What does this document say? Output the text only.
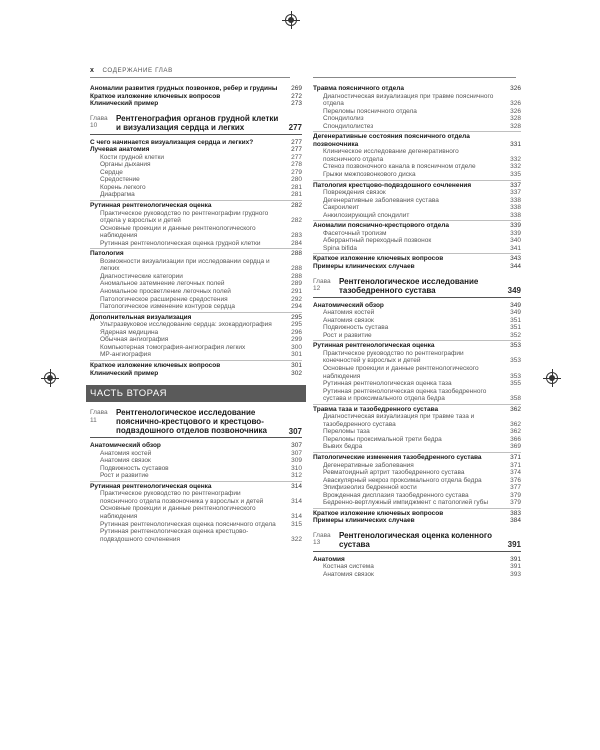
x СОДЕРЖАНИЕ ГЛАВ
Аномалии развития грудных позвонков, ребер и грудины	269
Краткое изложение ключевых вопросов	272
Клинический пример	273
Глава 10
Рентгенография органов грудной клетки и визуализация сердца и легких	277
С чего начинается визуализация сердца и легких?	277
Лучевая анатомия	277
Кости грудной клетки	277
Органы дыхания	278
Сердце	279
Средостение	280
Корень легкого	281
Диафрагма	281
Рутинная рентгенологическая оценка	282
Практическое руководство по рентгенографии грудного отдела у взрослых и детей	282
Основные проекции и данные рентгенологического наблюдения	283
Рутинная рентгенологическая оценка грудной клетки	284
Патология	288
Возможности визуализации при исследовании сердца и легких	288
Диагностические категории	288
Аномальное затемнение легочных полей	289
Аномальное просветление легочных полей	291
Патологическое расширение средостения	292
Патологическое изменение контуров сердца	294
Дополнительная визуализация	295
Ультразвуковое исследование сердца: эхокардиография	295
Ядерная медицина	296
Обычная ангиография	299
Компьютерная томография-ангиография легких	300
МР-ангиография	301
Краткое изложение ключевых вопросов	301
Клинический пример	302
ЧАСТЬ ВТОРАЯ
Глава 11
Рентгенологическое исследование пояснично-крестцового и крестцово-подвздошного отделов позвоночника	307
Анатомический обзор	307
Анатомия костей	307
Анатомия связок	309
Подвижность суставов	310
Рост и развитие	312
Рутинная рентгенологическая оценка	314
Практическое руководство по рентгенографии поясничного отдела позвоночника у взрослых и детей	314
Основные проекции и данные рентгенологического наблюдения	314
Рутинная рентгенологическая оценка поясничного отдела	315
Рутинная рентгенологическая оценка крестцово-подвздошного сочленения	322
Травма поясничного отдела	326
Диагностическая визуализация при травме поясничного отдела	326
Переломы поясничного отдела	326
Спондилолиз	328
Спондилолистез	328
Дегенеративные состояния поясничного отдела позвоночника	331
Клиническое исследование дегенеративного поясничного отдела	332
Стеноз позвоночного канала в поясничном отделе	332
Грыжи межпозвонкового диска	335
Патология крестцово-подвздошного сочленения	337
Повреждения связок	337
Дегенеративные заболевания сустава	338
Сакроилеит	338
Анкилозирующий спондилит	338
Аномалии пояснично-крестцового отдела	339
Фасеточный тропизм	339
Аберрантный переходный позвонок	340
Spina bifida	341
Краткое изложение ключевых вопросов	343
Примеры клинических случаев	344
Глава 12
Рентгенологическое исследование тазобедренного сустава	349
Анатомический обзор	349
Анатомия костей	349
Анатомия связок	351
Подвижность сустава	351
Рост и развитие	352
Рутинная рентгенологическая оценка	353
Практическое руководство по рентгенографии конечностей у взрослых и детей	353
Основные проекции и данные рентгенологического наблюдения	353
Рутинная рентгенологическая оценка таза	355
Рутинная рентгенологическая оценка тазобедренного сустава и проксимального отдела бедра	358
Травма таза и тазобедренного сустава	362
Диагностическая визуализация при травме таза и тазобедренного сустава	362
Переломы таза	362
Переломы проксимальной трети бедра	366
Вывих бедра	369
Патологические изменения тазобедренного сустава	371
Дегенеративные заболевания	371
Ревматоидный артрит тазобедренного сустава	374
Аваскулярный некроз проксимального отдела бедра	376
Эпифизеолиз бедренной кости	377
Врожденная дисплазия тазобедренного сустава	379
Бедренно-вертлужный импиджмент с патологией губы	379
Краткое изложение ключевых вопросов	383
Примеры клинических случаев	384
Глава 13
Рентгенологическая оценка коленного сустава	391
Анатомия	391
Костная система	391
Анатомия связок	393
